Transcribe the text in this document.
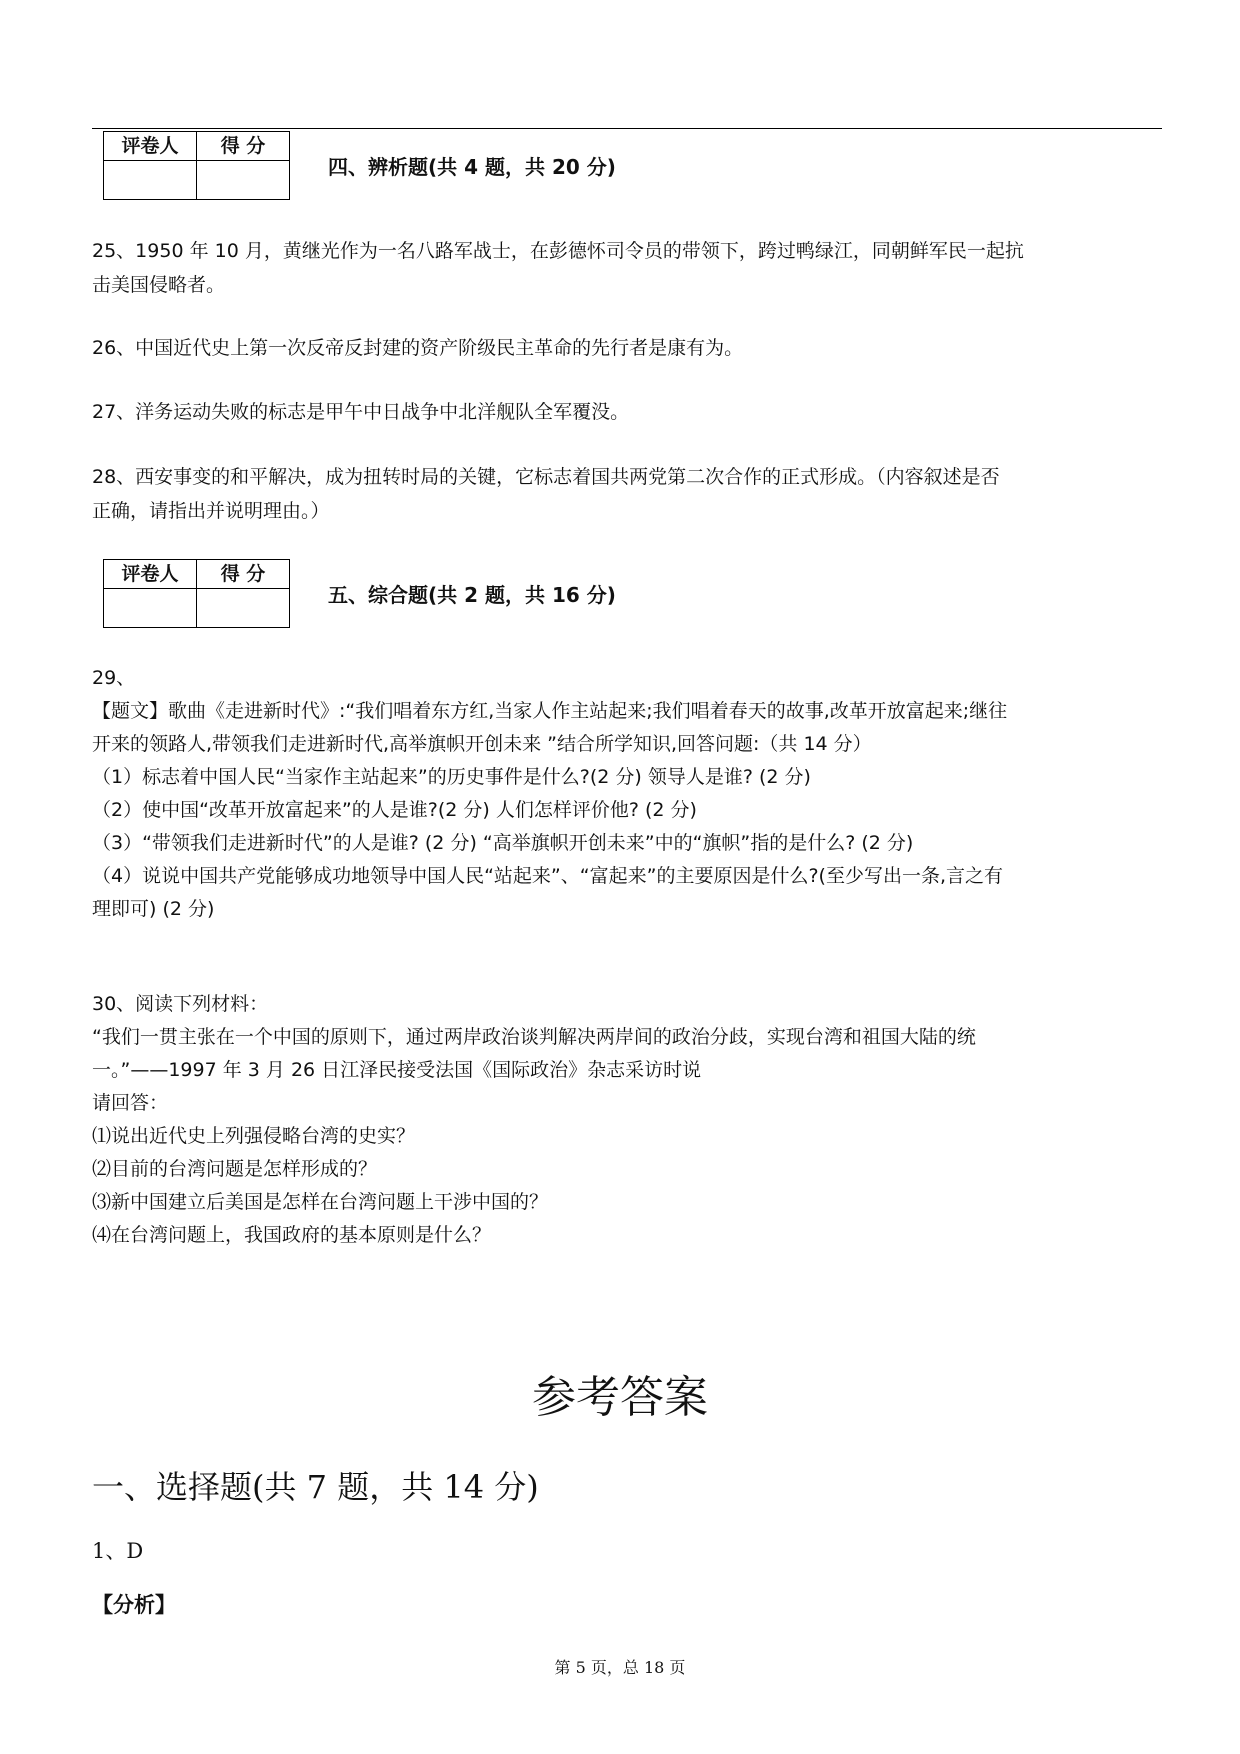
评卷人	得 分

四、辨析题(共 4 题，共 20 分)

25、1950 年 10 月，黄继光作为一名八路军战士，在彭德怀司令员的带领下，跨过鸭绿江，同朝鲜军民一起抗

击美国侵略者。

26、中国近代史上第一次反帝反封建的资产阶级民主革命的先行者是康有为。

27、洋务运动失败的标志是甲午中日战争中北洋舰队全军覆没。

28、西安事变的和平解决，成为扭转时局的关键，它标志着国共两党第二次合作的正式形成。（内容叙述是否

正确，请指出并说明理由。）

评卷人	得 分

五、综合题(共 2 题，共 16 分)

29、

【题文】歌曲《走进新时代》:“我们唱着东方红,当家人作主站起来;我们唱着春天的故事,改革开放富起来;继往

开来的领路人,带领我们走进新时代,高举旗帜开创未来 ”结合所学知识,回答问题:（共 14 分）

（1）标志着中国人民“当家作主站起来”的历史事件是什么?(2 分) 领导人是谁? (2 分)

（2）使中国“改革开放富起来”的人是谁?(2 分) 人们怎样评价他? (2 分)

（3）“带领我们走进新时代”的人是谁? (2 分) “高举旗帜开创未来”中的“旗帜”指的是什么? (2 分)

（4）说说中国共产党能够成功地领导中国人民“站起来”、“富起来”的主要原因是什么?(至少写出一条,言之有

理即可) (2 分)

30、阅读下列材料：

“我们一贯主张在一个中国的原则下，通过两岸政治谈判解决两岸间的政治分歧，实现台湾和祖国大陆的统

一。”——1997 年 3 月 26 日江泽民接受法国《国际政治》杂志采访时说

请回答：

⑴说出近代史上列强侵略台湾的史实？

⑵目前的台湾问题是怎样形成的？

⑶新中国建立后美国是怎样在台湾问题上干涉中国的？

⑷在台湾问题上，我国政府的基本原则是什么？

参考答案
一、选择题(共 7 题，共 14 分)
1、D
【分析】
第 5 页，总 18 页
